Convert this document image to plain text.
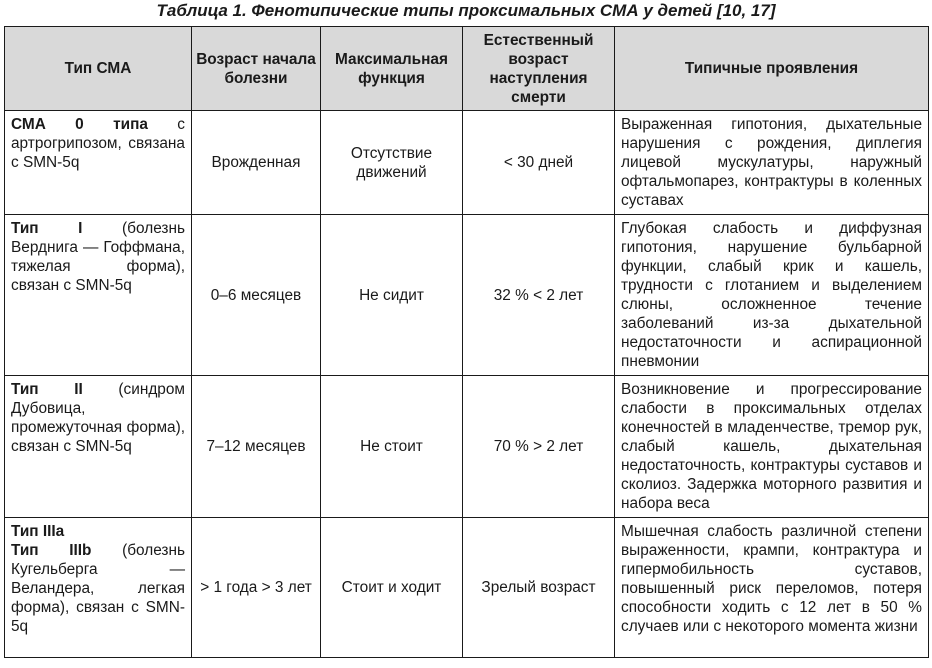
Таблица 1. Фенотипические типы проксимальных СМА у детей [10, 17]
Тип СМА	Возраст начала болезни	Максимальная функция	Естественный возраст наступления смерти	Типичные проявления
СМА 0 типа с артрогрипозом, связана с SMN-5q	Врожденная	Отсутствие движений	< 30 дней	Выраженная гипотония, дыхательные нарушения с рождения, диплегия лицевой мускулатуры, наружный офтальмопарез, контрактуры в коленных суставах
Тип I (болезнь Верднига — Гоффмана, тяжелая форма), связан с SMN-5q	0–6 месяцев	Не сидит	32 % < 2 лет	Глубокая слабость и диффузная гипотония, нарушение бульбарной функции, слабый крик и кашель, трудности с глотанием и выделением слюны, осложненное течение заболеваний из-за дыхательной недостаточности и аспирационной пневмонии
Тип II (синдром Дубовица, промежуточная форма), связан с SMN-5q	7–12 месяцев	Не стоит	70 % > 2 лет	Возникновение и прогрессирование слабости в проксимальных отделах конечностей в младенчестве, тремор рук, слабый кашель, дыхательная недостаточность, контрактуры суставов и сколиоз. Задержка моторного развития и набора веса
Тип IIIa
Тип IIIb (болезнь Кугельберга — Веландера, легкая форма), связан с SMN-5q	> 1 года > 3 лет	Стоит и ходит	Зрелый возраст	Мышечная слабость различной степени выраженности, крампи, контрактура и гипермобильность суставов, повышенный риск переломов, потеря способности ходить с 12 лет в 50 % случаев или с некоторого момента жизни
